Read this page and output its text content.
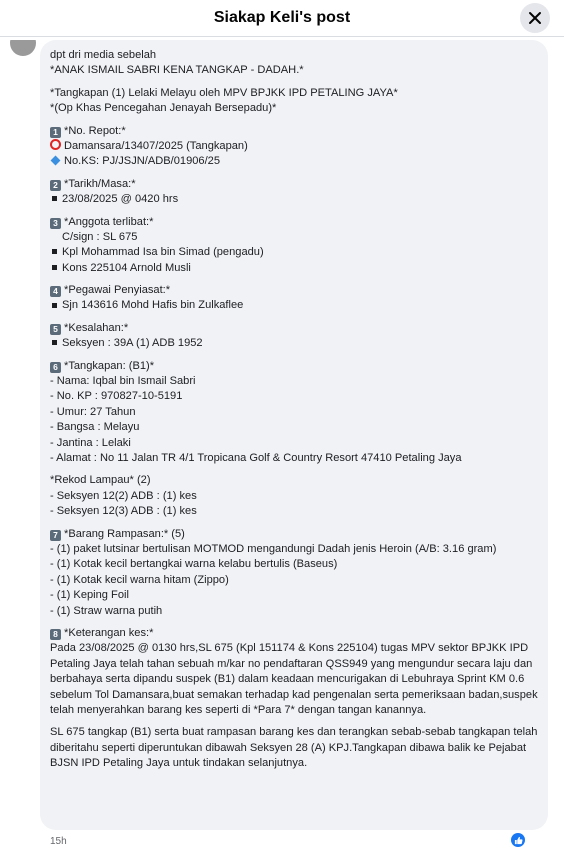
Siakap Keli's post
dpt dri media sebelah
*ANAK ISMAIL SABRI KENA TANGKAP - DADAH.*
*Tangkapan (1) Lelaki Melayu oleh MPV BPJKK IPD PETALING JAYA*
*(Op Khas Pencegahan Jenayah Bersepadu)*
1 *No. Repot:*
Damansara/13407/2025 (Tangkapan)
No.KS: PJ/JSJN/ADB/01906/25
2 *Tarikh/Masa:*
23/08/2025 @ 0420 hrs
3 *Anggota terlibat:*
C/sign : SL 675
Kpl Mohammad Isa bin Simad (pengadu)
Kons 225104 Arnold Musli
4 *Pegawai Penyiasat:*
Sjn 143616 Mohd Hafis bin Zulkaflee
5 *Kesalahan:*
Seksyen : 39A (1) ADB 1952
6 *Tangkapan: (B1)*
- Nama: Iqbal bin Ismail Sabri
- No. KP : 970827-10-5191
- Umur: 27 Tahun
- Bangsa : Melayu
- Jantina : Lelaki
- Alamat : No 11 Jalan TR 4/1 Tropicana Golf & Country Resort 47410 Petaling Jaya
*Rekod Lampau* (2)
- Seksyen 12(2) ADB : (1) kes
- Seksyen 12(3) ADB : (1) kes
7 *Barang Rampasan:* (5)
- (1) paket lutsinar bertulisan MOTMOD mengandungi Dadah jenis Heroin (A/B: 3.16 gram)
- (1) Kotak kecil bertangkai warna kelabu bertulis (Baseus)
- (1) Kotak kecil warna hitam (Zippo)
- (1) Keping Foil
- (1) Straw warna putih
8 *Keterangan kes:*
Pada 23/08/2025 @ 0130 hrs,SL 675 (Kpl 151174 & Kons 225104) tugas MPV sektor BPJKK IPD Petaling Jaya telah tahan sebuah m/kar no pendaftaran QSS949 yang mengundur secara laju dan berbahaya serta dipandu suspek (B1) dalam keadaan mencurigakan di Lebuhraya Sprint KM 0.6 sebelum Tol Damansara,buat semakan terhadap kad pengenalan serta pemeriksaan badan,suspek telah menyerahkan barang kes seperti di *Para 7* dengan tangan kanannya.
SL 675 tangkap (B1) serta buat rampasan barang kes dan terangkan sebab-sebab tangkapan telah diberitahu seperti diperuntukan dibawah Seksyen 28 (A) KPJ.Tangkapan dibawa balik ke Pejabat BJSN IPD Petaling Jaya untuk tindakan selanjutnya.
15h
